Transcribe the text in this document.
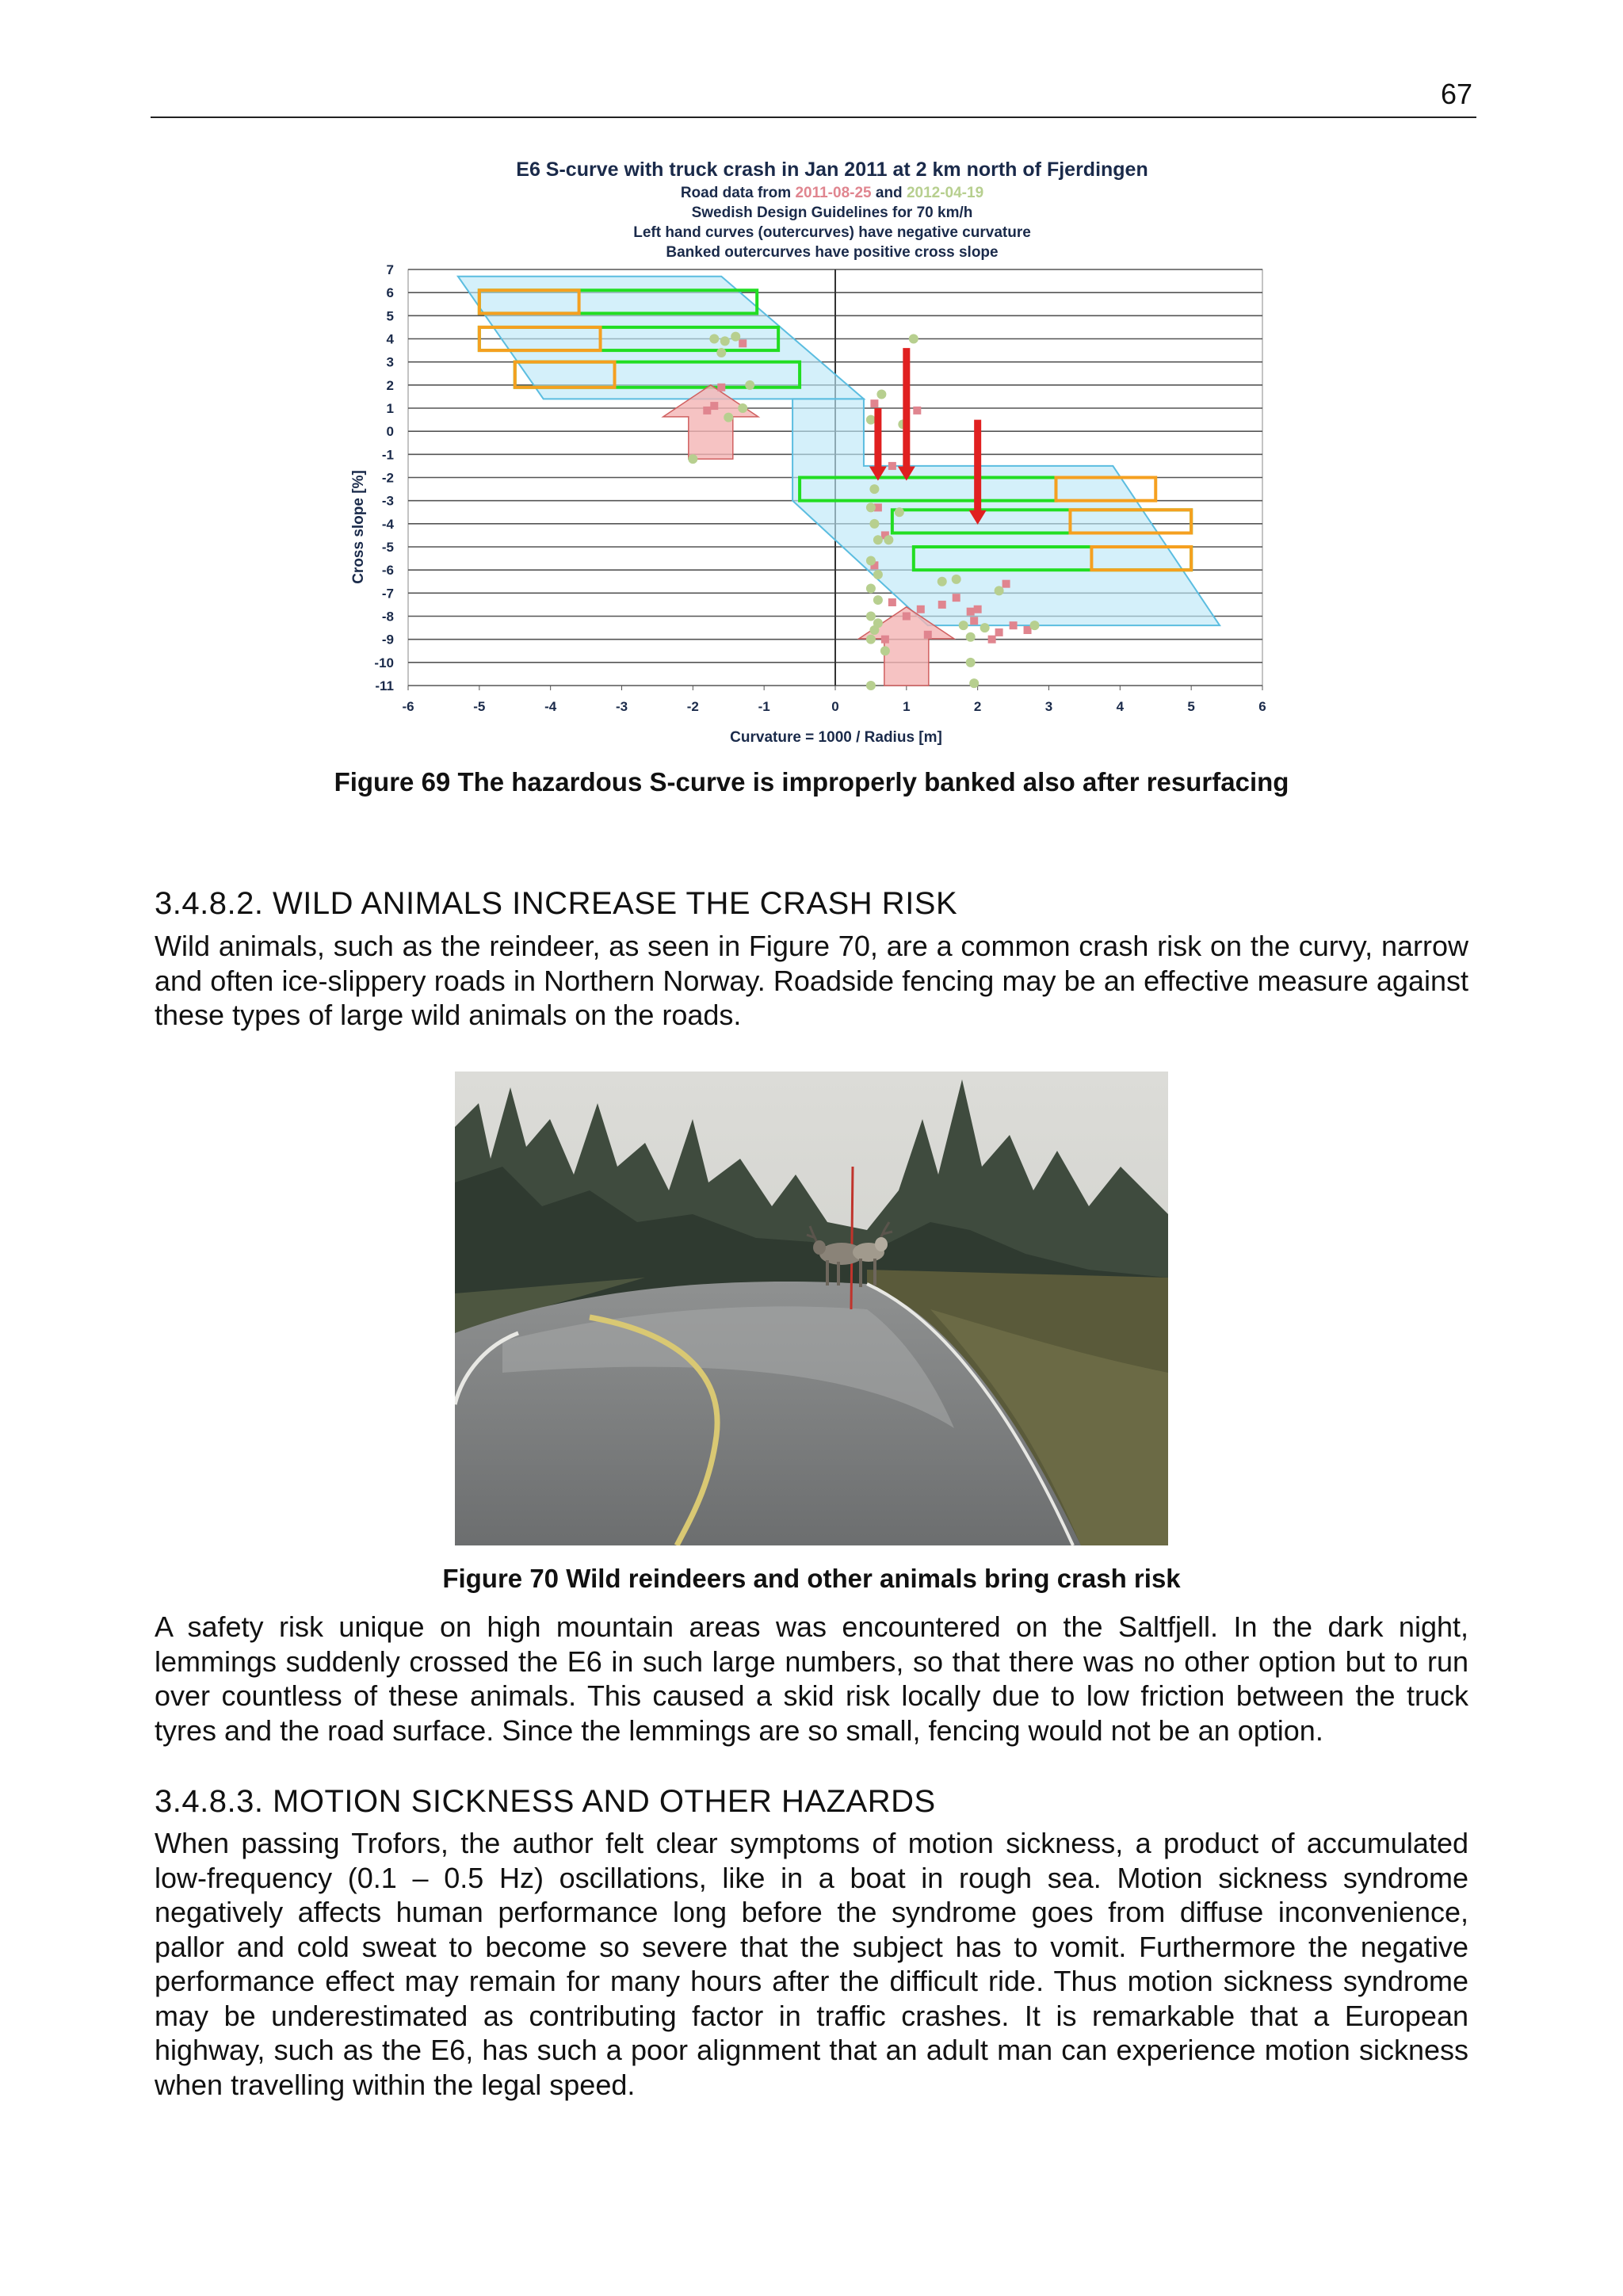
67
E6 S-curve with truck crash in Jan 2011 at 2 km north of Fjerdingen
Road data from 2011-08-25 and 2012-04-19
Swedish Design Guidelines for 70 km/h
Left hand curves (outercurves) have negative curvature
Banked outercurves have positive cross slope
7
6
5
4
3
2
1
0
-1
-2
-3
-4
-5
-6
-7
-8
-9
-10
-11
-6	-5	-4	-3	-2	-1	0	1	2	3	4	5	6
Curvature = 1000 / Radius [m]
Cross slope [%]
Figure 69 The hazardous S-curve is improperly banked also after resurfacing
3.4.8.2. WILD ANIMALS INCREASE THE CRASH RISK

Wild animals, such as the reindeer, as seen in Figure 70, are a common crash risk on the curvy, narrow and often ice-slippery roads in Northern Norway. Roadside fencing may be an effective measure against these types of large wild animals on the roads.

Figure 70 Wild reindeers and other animals bring crash risk

A safety risk unique on high mountain areas was encountered on the Saltfjell. In the dark night, lemmings suddenly crossed the E6 in such large numbers, so that there was no other option but to run over countless of these animals. This caused a skid risk locally due to low friction between the truck tyres and the road surface. Since the lemmings are so small, fencing would not be an option.

3.4.8.3. MOTION SICKNESS AND OTHER HAZARDS

When passing Trofors, the author felt clear symptoms of motion sickness, a product of accumulated low-frequency (0.1 – 0.5 Hz) oscillations, like in a boat in rough sea. Motion sickness syndrome negatively affects human performance long before the syndrome goes from diffuse inconvenience, pallor and cold sweat to become so severe that the subject has to vomit. Furthermore the negative performance effect may remain for many hours after the difficult ride. Thus motion sickness syndrome may be underestimated as contributing factor in traffic crashes. It is remarkable that a European highway, such as the E6, has such a poor alignment that an adult man can experience motion sickness when travelling within the legal speed.
